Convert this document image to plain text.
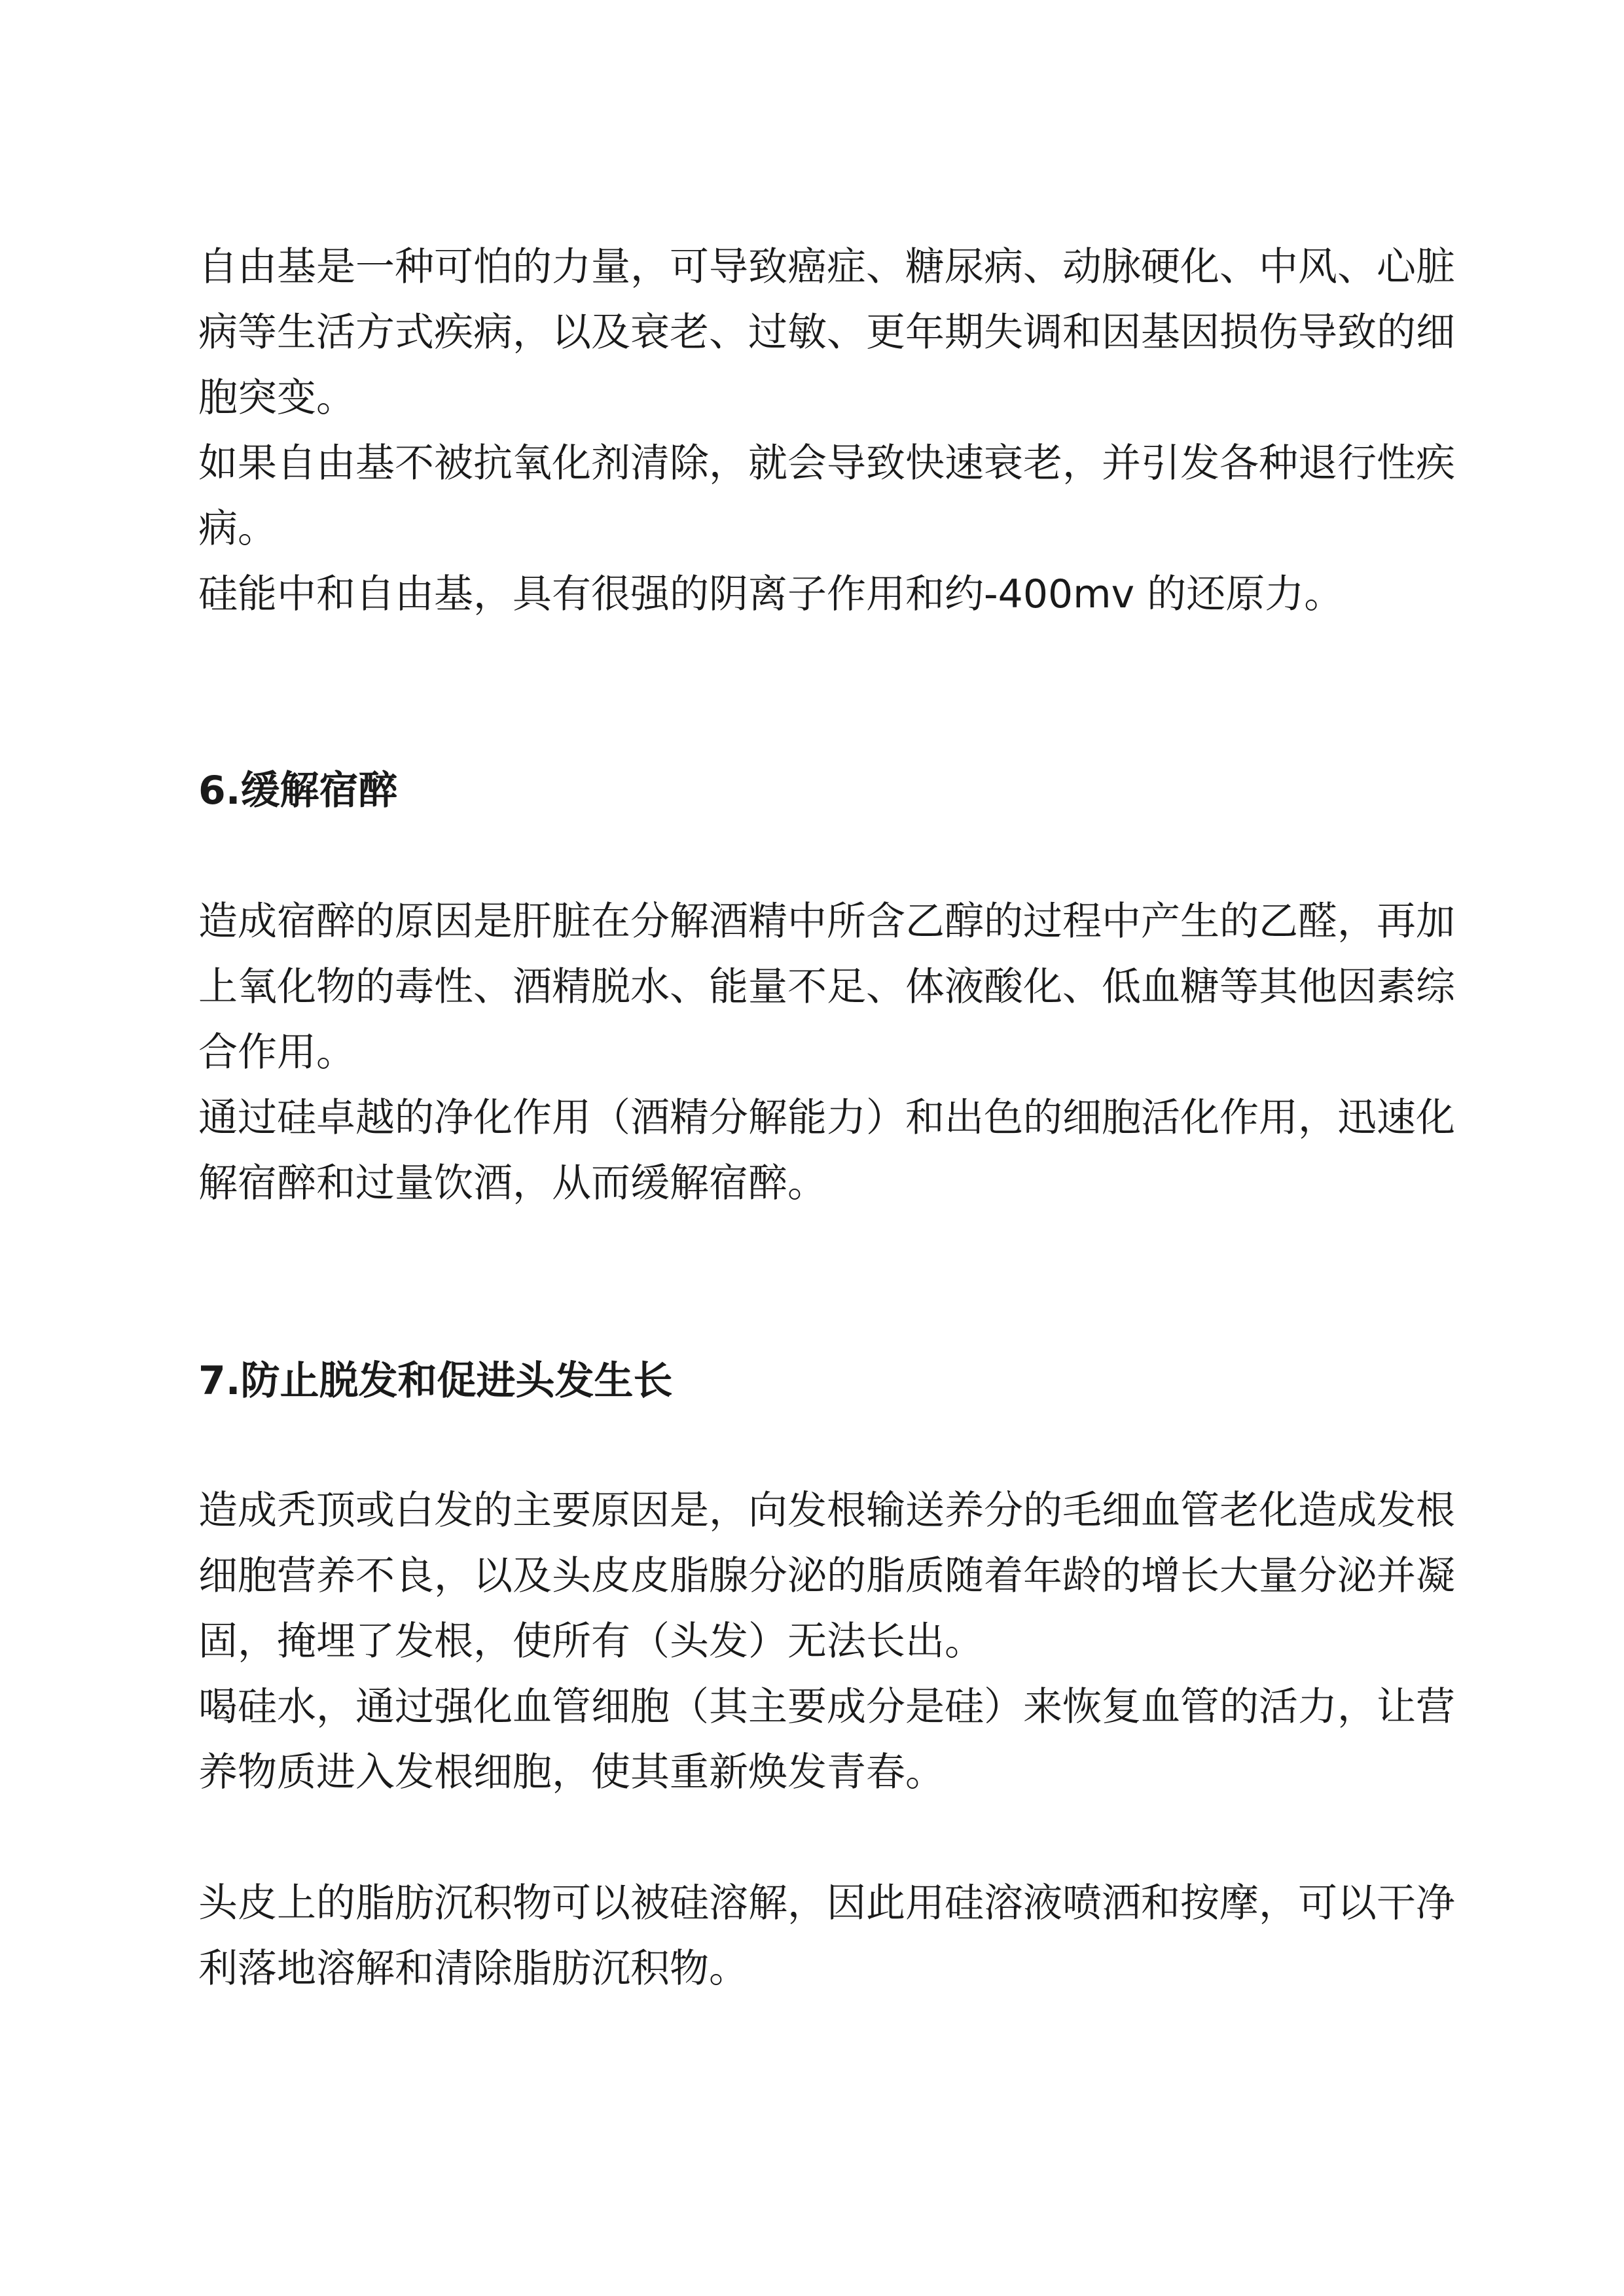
自由基是一种可怕的力量，可导致癌症、糖尿病、动脉硬化、中风、心脏

病等生活方式疾病，以及衰老、过敏、更年期失调和因基因损伤导致的细

胞突变。

如果自由基不被抗氧化剂清除，就会导致快速衰老，并引发各种退行性疾

病。

硅能中和自由基，具有很强的阴离子作用和约-400mv 的还原力。

6.缓解宿醉

造成宿醉的原因是肝脏在分解酒精中所含乙醇的过程中产生的乙醛，再加

上氧化物的毒性、酒精脱水、能量不足、体液酸化、低血糖等其他因素综

合作用。

通过硅卓越的净化作用（酒精分解能力）和出色的细胞活化作用，迅速化

解宿醉和过量饮酒，从而缓解宿醉。

7.防止脱发和促进头发生长

造成秃顶或白发的主要原因是，向发根输送养分的毛细血管老化造成发根

细胞营养不良，以及头皮皮脂腺分泌的脂质随着年龄的增长大量分泌并凝

固，掩埋了发根，使所有（头发）无法长出。

喝硅水，通过强化血管细胞（其主要成分是硅）来恢复血管的活力，让营

养物质进入发根细胞，使其重新焕发青春。

头皮上的脂肪沉积物可以被硅溶解，因此用硅溶液喷洒和按摩，可以干净

利落地溶解和清除脂肪沉积物。
